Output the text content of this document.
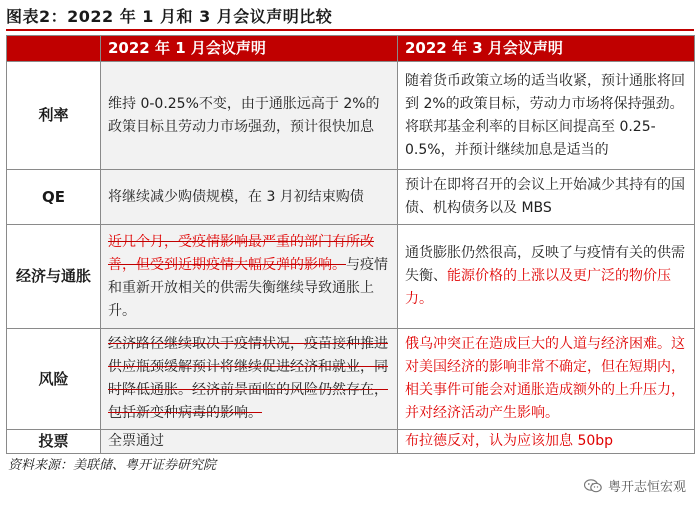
图表2：2022 年 1 月和 3 月会议声明比较
	2022 年 1 月会议声明	2022 年 3 月会议声明
利率	维持 0-0.25%不变，由于通胀远高于 2%的政策目标且劳动力市场强劲，预计很快加息	随着货币政策立场的适当收紧，预计通胀将回到 2%的政策目标，劳动力市场将保持强劲。将联邦基金利率的目标区间提高至 0.25-0.5%，并预计继续加息是适当的
QE	将继续减少购债规模，在 3 月初结束购债	预计在即将召开的会议上开始减少其持有的国债、机构债务以及 MBS
经济与通胀	近几个月，受疫情影响最严重的部门有所改善，但受到近期疫情大幅反弹的影响。与疫情和重新开放相关的供需失衡继续导致通胀上升。	通货膨胀仍然很高，反映了与疫情有关的供需失衡、能源价格的上涨以及更广泛的物价压力。
风险	经济路径继续取决于疫情状况，疫苗接种推进供应瓶颈缓解预计将继续促进经济和就业，同时降低通胀。经济前景面临的风险仍然存在，包括新变种病毒的影响。	俄乌冲突正在造成巨大的人道与经济困难。这对美国经济的影响非常不确定，但在短期内，相关事件可能会对通胀造成额外的上升压力，并对经济活动产生影响。
投票	全票通过	布拉德反对，认为应该加息 50bp
资料来源：美联储、粤开证券研究院
粤开志恒宏观
